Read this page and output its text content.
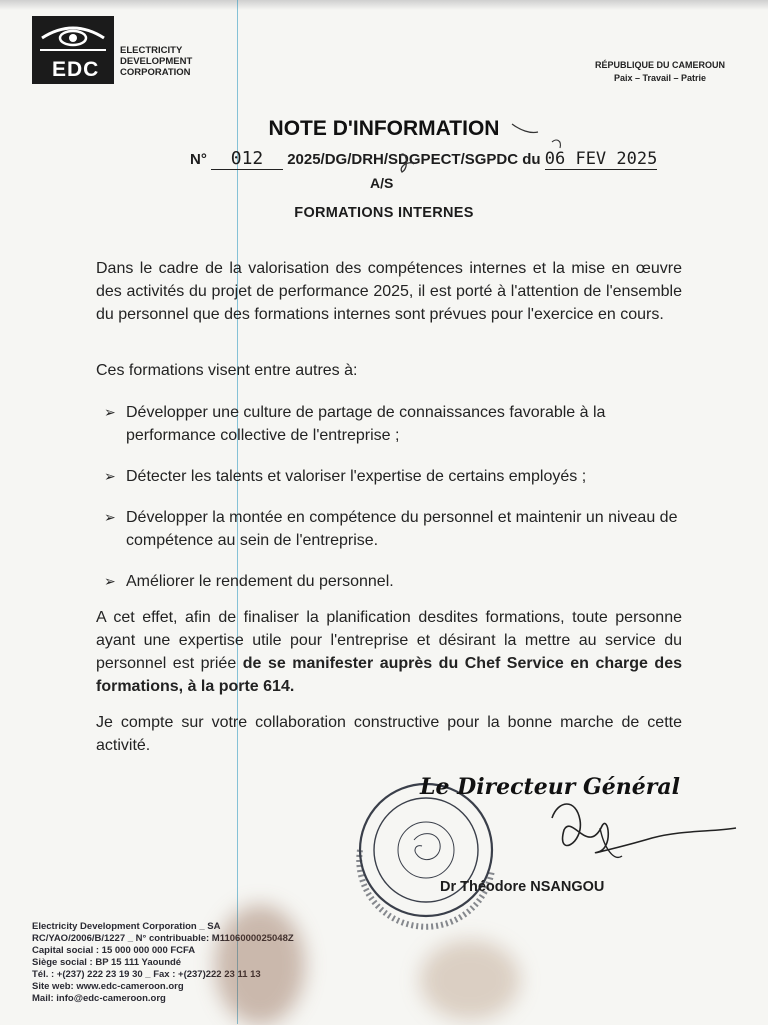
EDC
ELECTRICITY
DEVELOPMENT
CORPORATION
RÉPUBLIQUE DU CAMEROUN
Paix – Travail – Patrie
NOTE D'INFORMATION
N° 012 2025/DG/DRH/SDGPECT/SGPDC du 06 FEV 2025
A/S
FORMATIONS INTERNES
Dans le cadre de la valorisation des compétences internes et la mise en œuvre des activités du projet de performance 2025, il est porté à l'attention de l'ensemble du personnel que des formations internes sont prévues pour l'exercice en cours.
Ces formations visent entre autres à:
➢ Développer une culture de partage de connaissances favorable à la performance collective de l'entreprise ;
➢ Détecter les talents et valoriser l'expertise de certains employés ;
➢ Développer la montée en compétence du personnel et maintenir un niveau de compétence au sein de l'entreprise.
➢ Améliorer le rendement du personnel.
A cet effet, afin de finaliser la planification desdites formations, toute personne ayant une expertise utile pour l'entreprise et désirant la mettre au service du personnel est priée de se manifester auprès du Chef Service en charge des formations, à la porte 614.
Je compte sur votre collaboration constructive pour la bonne marche de cette activité.
Le Directeur Général
Dr Théodore NSANGOU
Electricity Development Corporation _ SA
RC/YAO/2006/B/1227 _ N° contribuable: M1106000025048Z
Capital social : 15 000 000 000 FCFA
Siège social : BP 15 111 Yaoundé
Tél. : +(237) 222 23 19 30 _ Fax : +(237)222 23 11 13
Site web: www.edc-cameroon.org
Mail: info@edc-cameroon.org
